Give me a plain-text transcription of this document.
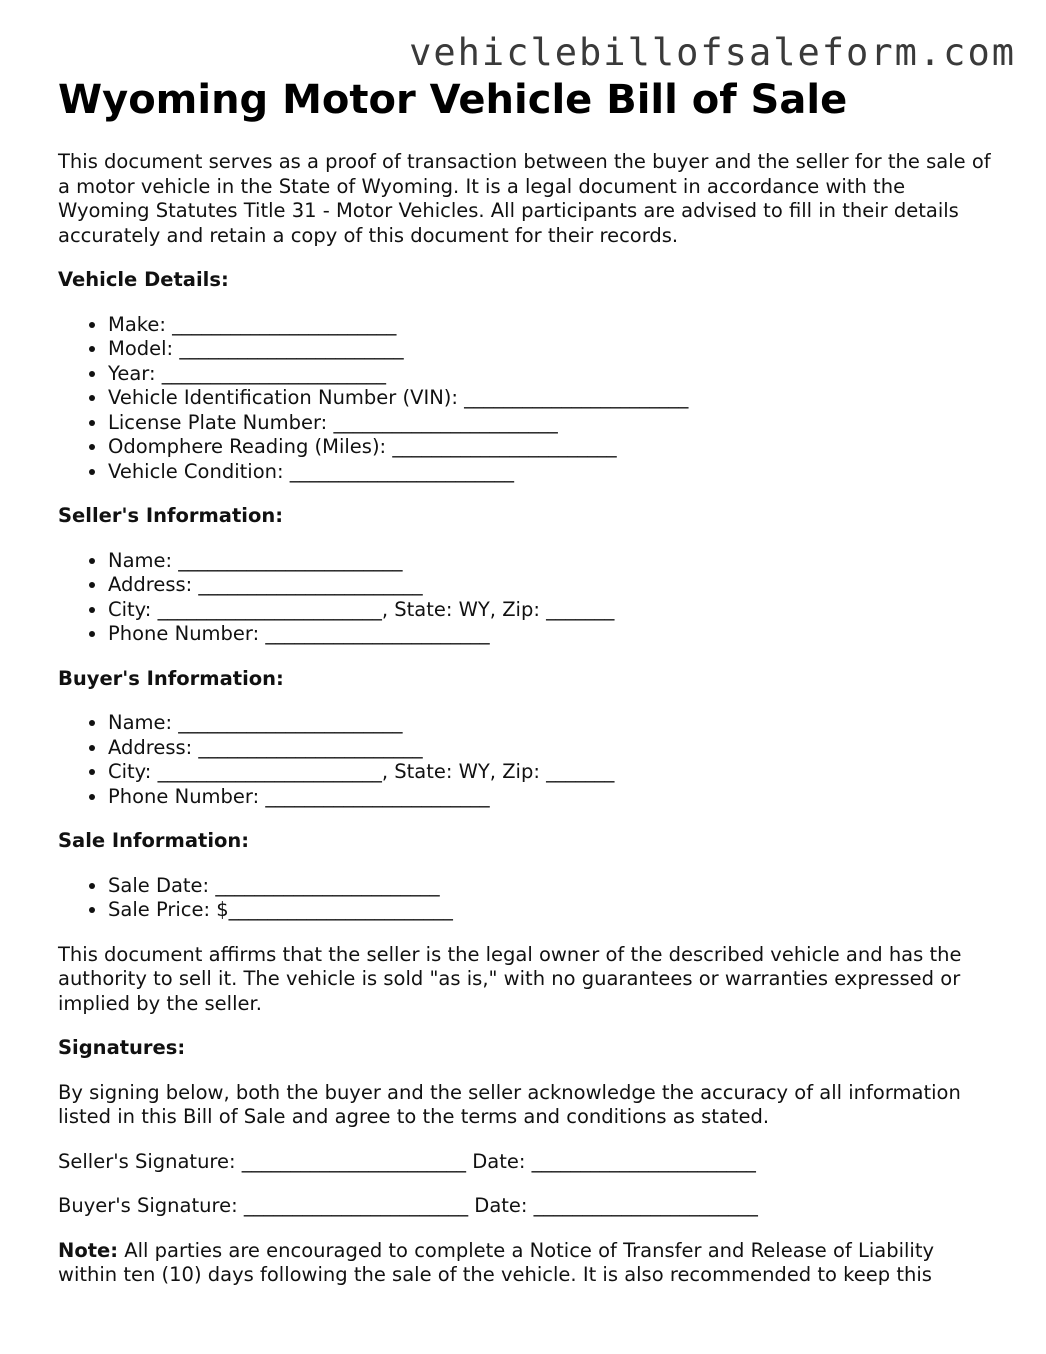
vehiclebillofsaleform.com
Wyoming Motor Vehicle Bill of Sale

This document serves as a proof of transaction between the buyer and the seller for the sale of a motor vehicle in the State of Wyoming. It is a legal document in accordance with the Wyoming Statutes Title 31 - Motor Vehicles. All participants are advised to fill in their details accurately and retain a copy of this document for their records.

Vehicle Details:

• Make: _______________________
• Model: _______________________
• Year: _______________________
• Vehicle Identification Number (VIN): _______________________
• License Plate Number: _______________________
• Odomphere Reading (Miles): _______________________
• Vehicle Condition: _______________________

Seller's Information:

• Name: _______________________
• Address: _______________________
• City: _______________________, State: WY, Zip: _______
• Phone Number: _______________________

Buyer's Information:

• Name: _______________________
• Address: _______________________
• City: _______________________, State: WY, Zip: _______
• Phone Number: _______________________

Sale Information:

• Sale Date: _______________________
• Sale Price: $_______________________

This document affirms that the seller is the legal owner of the described vehicle and has the authority to sell it. The vehicle is sold "as is," with no guarantees or warranties expressed or implied by the seller.

Signatures:

By signing below, both the buyer and the seller acknowledge the accuracy of all information listed in this Bill of Sale and agree to the terms and conditions as stated.

Seller's Signature: _______________________ Date: _______________________

Buyer's Signature: _______________________ Date: _______________________

Note: All parties are encouraged to complete a Notice of Transfer and Release of Liability within ten (10) days following the sale of the vehicle. It is also recommended to keep this
